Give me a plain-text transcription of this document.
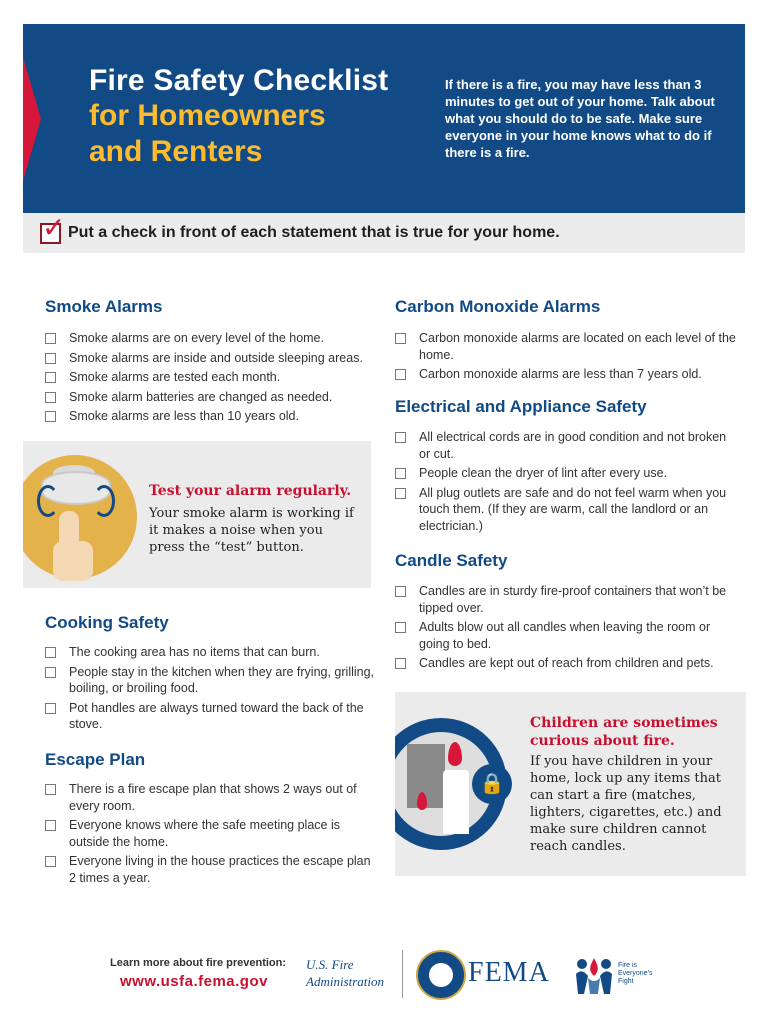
Fire Safety Checklist
for Homeowners
and Renters
If there is a fire, you may have less than 3 minutes to get out of your home. Talk about what you should do to be safe. Make sure everyone in your home knows what to do if there is a fire.
✓ Put a check in front of each statement that is true for your home.
Smoke Alarms
Smoke alarms are on every level of the home.
Smoke alarms are inside and outside sleeping areas.
Smoke alarms are tested each month.
Smoke alarm batteries are changed as needed.
Smoke alarms are less than 10 years old.
Test your alarm regularly.
Your smoke alarm is working if it makes a noise when you press the “test” button.
Cooking Safety
The cooking area has no items that can burn.
People stay in the kitchen when they are frying, grilling, boiling, or broiling food.
Pot handles are always turned toward the back of the stove.
Escape Plan
There is a fire escape plan that shows 2 ways out of every room.
Everyone knows where the safe meeting place is outside the home.
Everyone living in the house practices the escape plan 2 times a year.
Carbon Monoxide Alarms
Carbon monoxide alarms are located on each level of the home.
Carbon monoxide alarms are less than 7 years old.
Electrical and Appliance Safety
All electrical cords are in good condition and not broken or cut.
People clean the dryer of lint after every use.
All plug outlets are safe and do not feel warm when you touch them. (If they are warm, call the landlord or an electrician.)
Candle Safety
Candles are in sturdy fire-proof containers that won’t be tipped over.
Adults blow out all candles when leaving the room or going to bed.
Candles are kept out of reach from children and pets.
🔒
Children are sometimes curious about fire.
If you have children in your home, lock up any items that can start a fire (matches, lighters, cigarettes, etc.) and make sure children cannot reach candles.
Learn more about fire prevention:
www.usfa.fema.gov
U.S. Fire
Administration	FEMA	Fire is Everyone’s Fight
